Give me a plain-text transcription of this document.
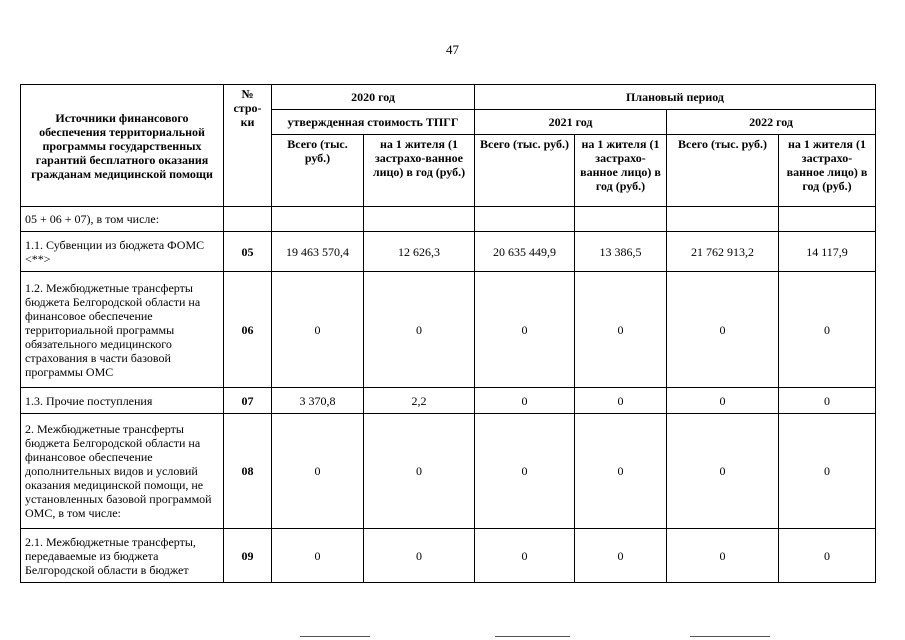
47
Источники финансового обеспечения территориальной программы государственных гарантий бесплатного оказания гражданам медицинской помощи	№ стро-ки	2020 год		Плановый период			
		утвержденная стоимость ТПГГ		2021 год		2022 год	
		Всего (тыс. руб.)	на 1 жителя (1 застрахо-ванное лицо) в год (руб.)	Всего (тыс. руб.)	на 1 жителя (1 застрахо-ванное лицо) в год (руб.)	Всего (тыс. руб.)	на 1 жителя (1 застрахо-ванное лицо) в год (руб.)
05 + 06 + 07), в том числе:							
1.1. Субвенции из бюджета ФОМС <**>	05	19 463 570,4	12 626,3	20 635 449,9	13 386,5	21 762 913,2	14 117,9
1.2. Межбюджетные трансферты бюджета Белгородской области на финансовое обеспечение территориальной программы обязательного медицинского страхования в части базовой программы ОМС	06	0	0	0	0	0	0
1.3. Прочие поступления	07	3 370,8	2,2	0	0	0	0
2. Межбюджетные трансферты бюджета Белгородской области на финансовое обеспечение дополнительных видов и условий оказания медицинской помощи, не установленных базовой программой ОМС, в том числе:	08	0	0	0	0	0	0
2.1. Межбюджетные трансферты, передаваемые из бюджета Белгородской области в бюджет	09	0	0	0	0	0	0
